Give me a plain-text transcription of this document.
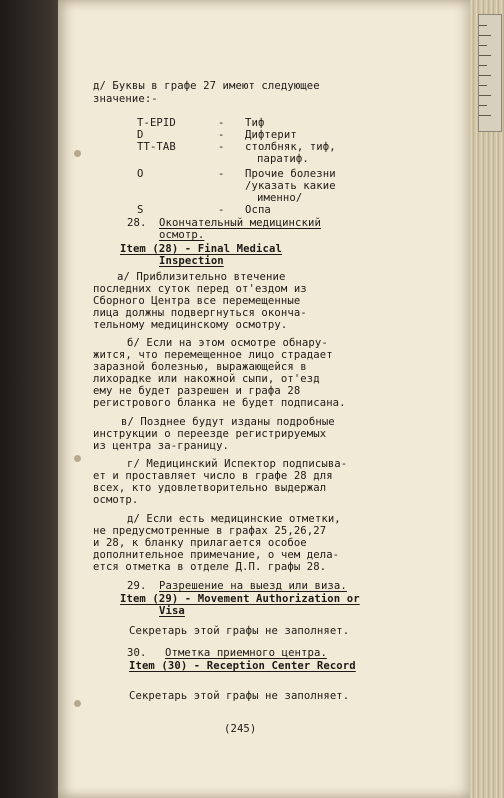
д/ Буквы в графе 27 имеют следующее
значение:-
T-EPID	- Тиф
D	- Дифтерит
TT-TAB	- столбняк, тиф,
паратиф.
O	- Прочие болезни
/указать какие
именно/
S	- Оспа
28. Окончательный медицинский
осмотр.
Item (28) - Final Medical
Inspection
а/ Приблизительно втечение
последних суток перед от'ездом из
Сборного Центра все перемещенные
лица должны подвергнуться оконча-
тельному медицинскому осмотру.
б/ Если на этом осмотре обнару-
жится, что перемещенное лицо страдает
заразной болезнью, выражающейся в
лихорадке или накожной сыпи, от'езд
ему не будет разрешен и графа 28
регистрового бланка не будет подписана.
в/ Позднее будут изданы подробные
инструкции о переезде регистрируемых
из центра за-границу.
г/ Медицинский Испектор подписыва-
ет и проставляет число в графе 28 для
всех, кто удовлетворительно выдержал
осмотр.
д/ Если есть медицинские отметки,
не предусмотренные в графах 25,26,27
и 28, к бланку прилагается особое
дополнительное примечание, о чем дела-
ется отметка в отделе Д.П. графы 28.
29. Разрешение на выезд или виза.
Item (29) - Movement Authorization or
Visa
Секретарь этой графы не заполняет.
30. Отметка приемного центра.
Item (30) - Reception Center Record
Секретарь этой графы не заполняет.
(245)
